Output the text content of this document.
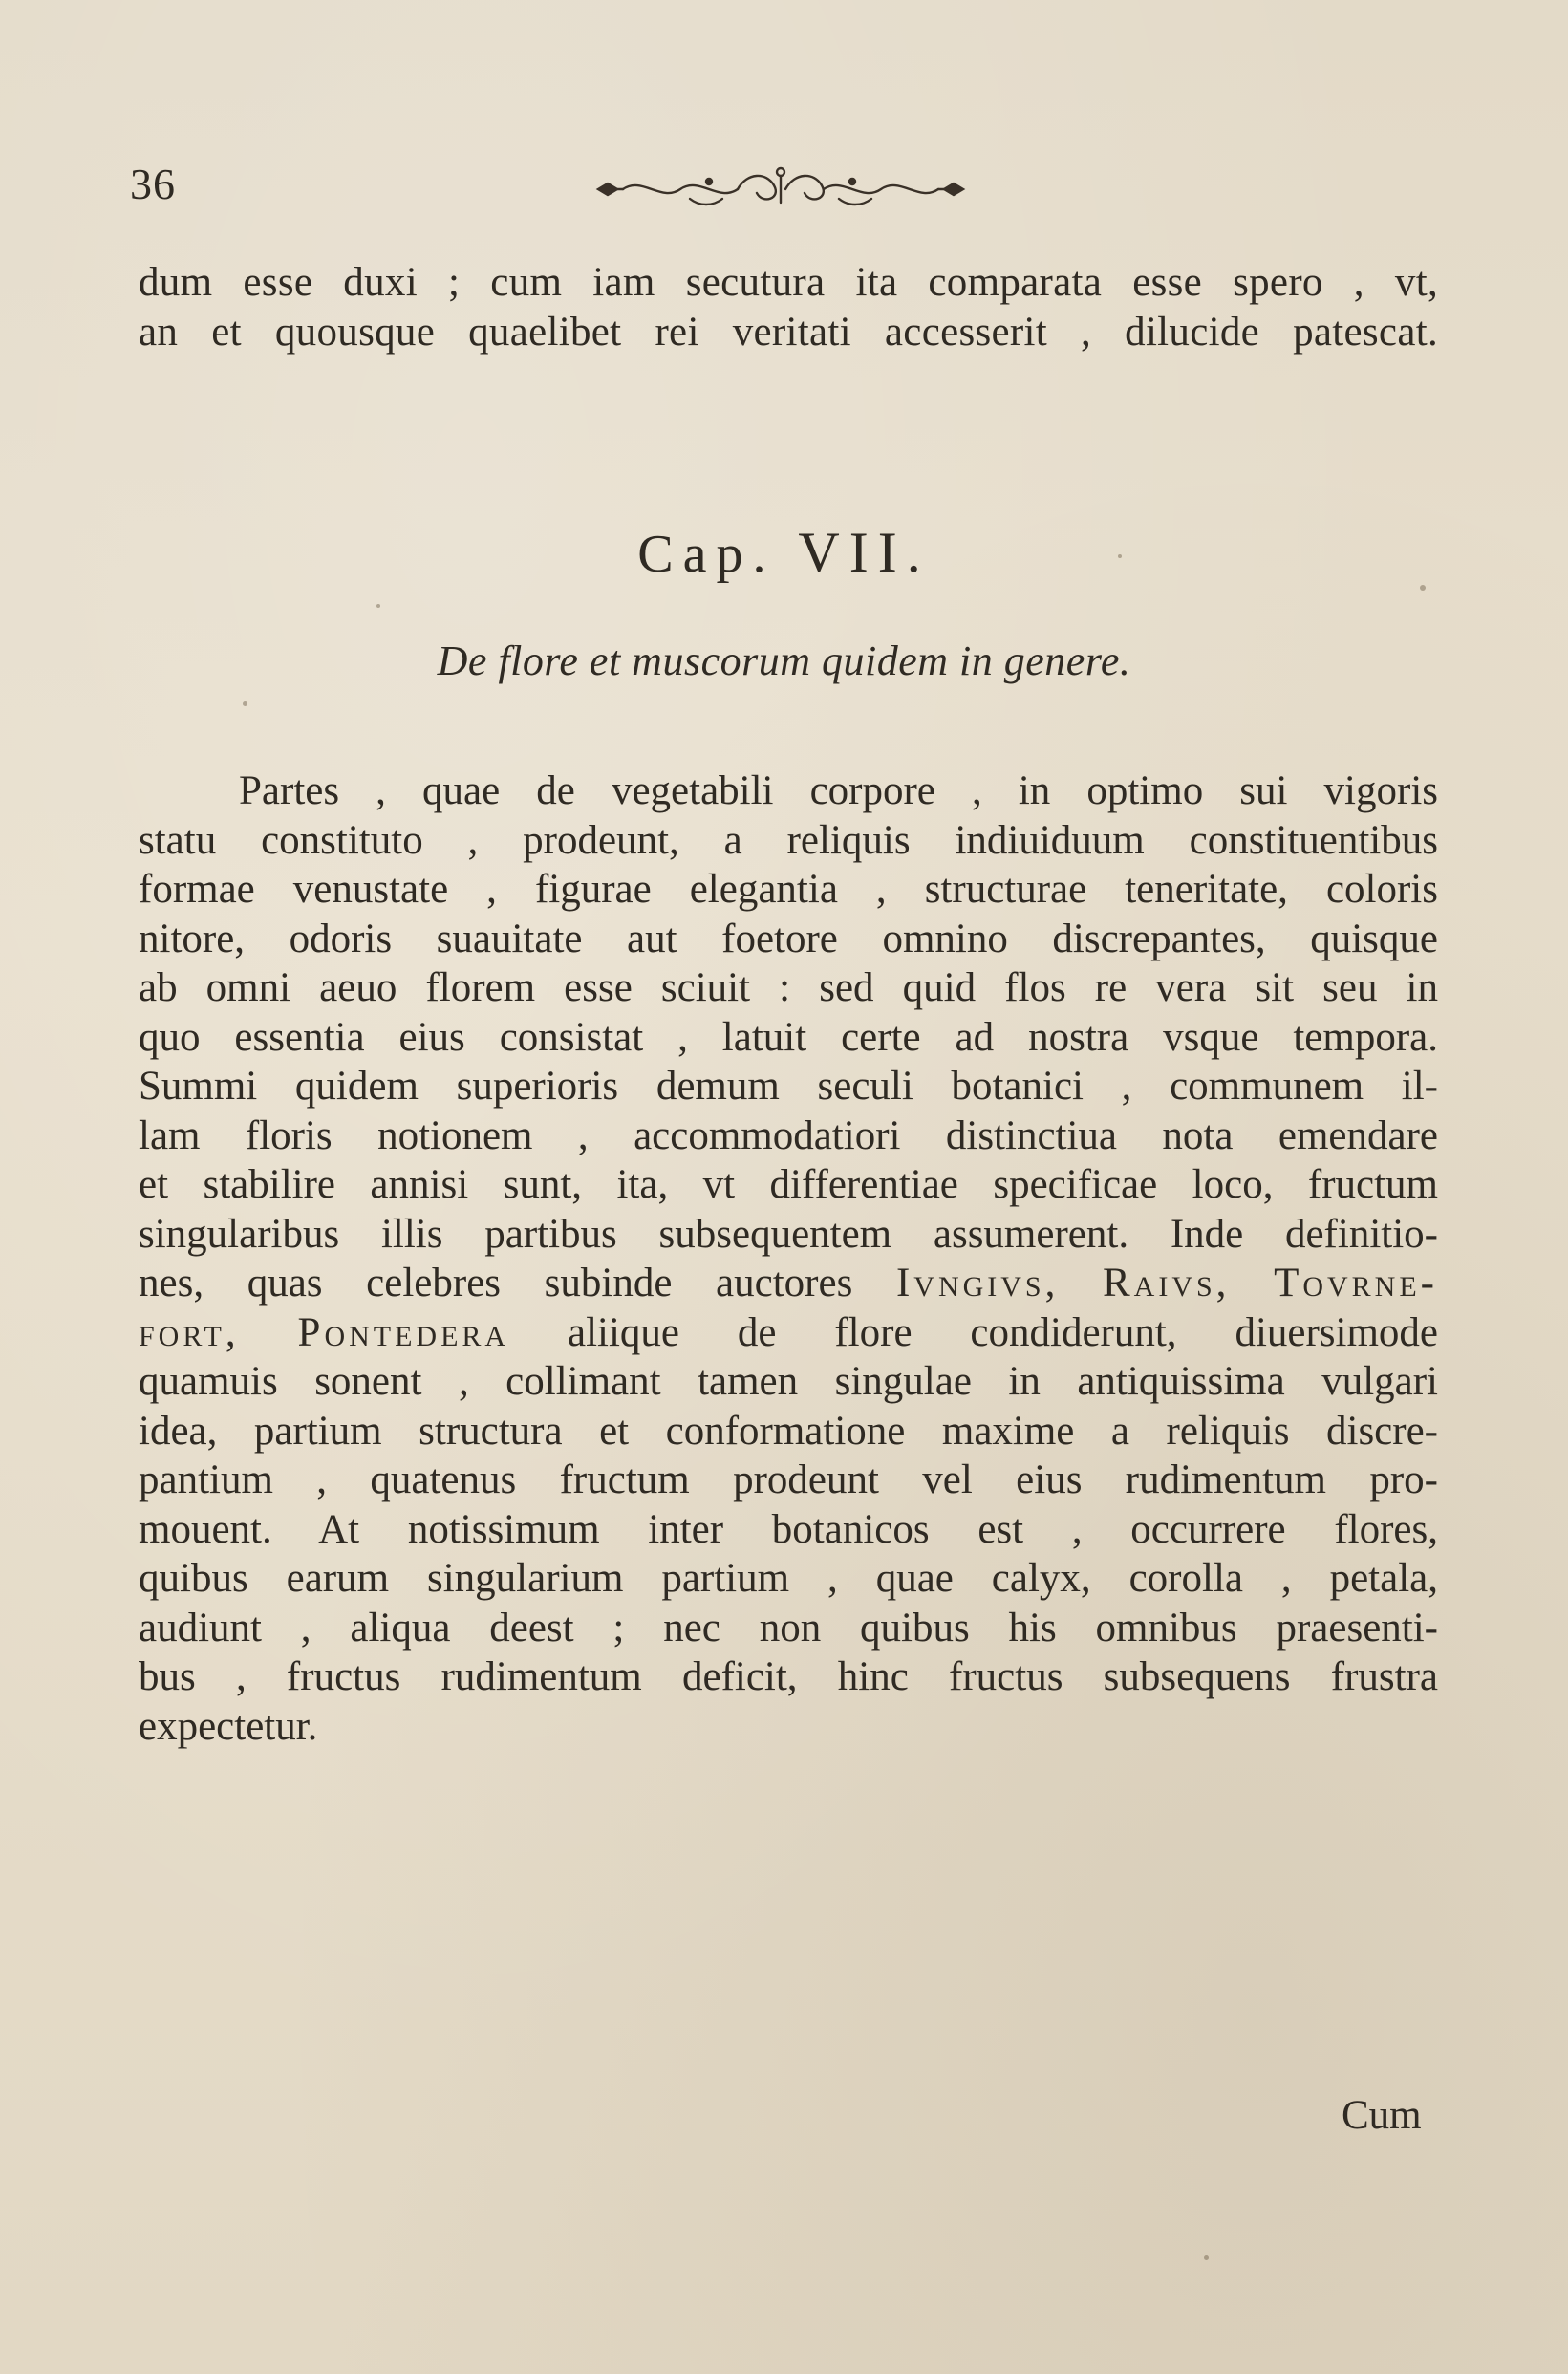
36
dum esse duxi ; cum iam secutura ita comparata esse spero , vt,
an et quousque quaelibet rei veritati accesserit , dilucide patescat.
Cap. VII.
De flore et muscorum quidem in genere.
Partes , quae de vegetabili corpore , in optimo sui vigoris
statu constituto , prodeunt, a reliquis indiuiduum constituentibus
formae venustate , figurae elegantia , structurae teneritate, coloris
nitore, odoris suauitate aut foetore omnino discrepantes, quisque
ab omni aeuo florem esse sciuit : sed quid flos re vera sit seu in
quo essentia eius consistat , latuit certe ad nostra vsque tempora.
Summi quidem superioris demum seculi botanici , communem il-
lam floris notionem , accommodatiori distinctiua nota emendare
et stabilire annisi sunt, ita, vt differentiae specificae loco, fructum
singularibus illis partibus subsequentem assumerent. Inde definitio-
nes, quas celebres subinde auctores Ivngivs, Raivs, Tovrne-
fort, Pontedera aliique de flore condiderunt, diuersimode
quamuis sonent , collimant tamen singulae in antiquissima vulgari
idea, partium structura et conformatione maxime a reliquis discre-
pantium , quatenus fructum prodeunt vel eius rudimentum pro-
mouent. At notissimum inter botanicos est , occurrere flores,
quibus earum singularium partium , quae calyx, corolla , petala,
audiunt , aliqua deest ; nec non quibus his omnibus praesenti-
bus , fructus rudimentum deficit, hinc fructus subsequens frustra
expectetur.
Cum
